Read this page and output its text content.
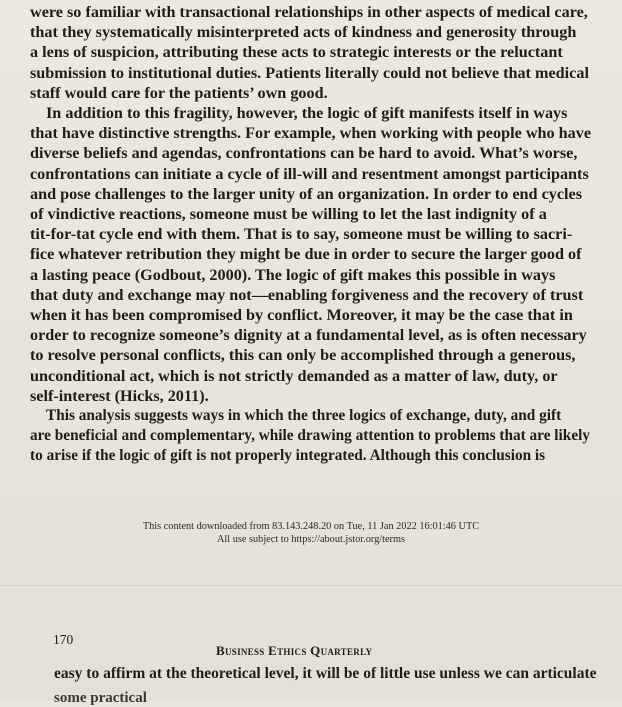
were so familiar with transactional relationships in other aspects of medical care,
that they systematically misinterpreted acts of kindness and generosity through
a lens of suspicion, attributing these acts to strategic interests or the reluctant
submission to institutional duties. Patients literally could not believe that medical
staff would care for the patients’ own good.

In addition to this fragility, however, the logic of gift manifests itself in ways
that have distinctive strengths. For example, when working with people who have
diverse beliefs and agendas, confrontations can be hard to avoid. What’s worse,
confrontations can initiate a cycle of ill-will and resentment amongst participants
and pose challenges to the larger unity of an organization. In order to end cycles
of vindictive reactions, someone must be willing to let the last indignity of a
tit-for-tat cycle end with them. That is to say, someone must be willing to sacri-
fice whatever retribution they might be due in order to secure the larger good of
a lasting peace (Godbout, 2000). The logic of gift makes this possible in ways
that duty and exchange may not—enabling forgiveness and the recovery of trust
when it has been compromised by conflict. Moreover, it may be the case that in
order to recognize someone’s dignity at a fundamental level, as is often necessary
to resolve personal conflicts, this can only be accomplished through a generous,
unconditional act, which is not strictly demanded as a matter of law, duty, or
self-interest (Hicks, 2011).

This analysis suggests ways in which the three logics of exchange, duty, and gift
are beneficial and complementary, while drawing attention to problems that are likely
to arise if the logic of gift is not properly integrated. Although this conclusion is

This content downloaded from 83.143.248.20 on Tue, 11 Jan 2022 16:01:46 UTC
All use subject to https://about.jstor.org/terms
170
Business Ethics Quarterly
easy to affirm at the theoretical level, it will be of little use unless we can articulate
some practical
